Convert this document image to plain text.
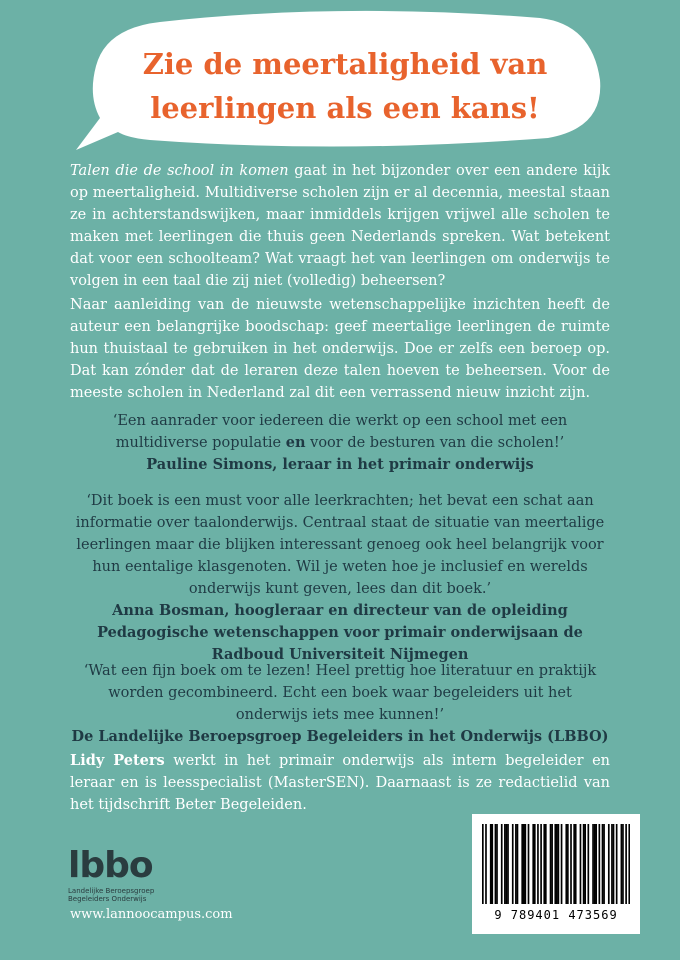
Zie de meertaligheid van
leerlingen als een kans!

Talen die de school in komen gaat in het bijzonder over een andere kijk op meertaligheid. Multidiverse scholen zijn er al decennia, meestal staan ze in achterstandswijken, maar inmiddels krijgen vrijwel alle scholen te maken met leerlingen die thuis geen Nederlands spreken. Wat betekent dat voor een schoolteam? Wat vraagt het van leerlingen om onderwijs te volgen in een taal die zij niet (volledig) beheersen?

Naar aanleiding van de nieuwste wetenschappelijke inzichten heeft de auteur een belangrijke boodschap: geef meertalige leerlingen de ruimte hun thuistaal te gebruiken in het onderwijs. Doe er zelfs een beroep op. Dat kan zónder dat de leraren deze talen hoeven te beheersen. Voor de meeste scholen in Nederland zal dit een verrassend nieuw inzicht zijn.

‘Een aanrader voor iedereen die werkt op een school met een multidiverse populatie en voor de besturen van die scholen!’
Pauline Simons, leraar in het primair onderwijs

‘Dit boek is een must voor alle leerkrachten; het bevat een schat aan informatie over taalonderwijs. Centraal staat de situatie van meertalige leerlingen maar die blijken interessant genoeg ook heel belangrijk voor hun eentalige klasgenoten. Wil je weten hoe je inclusief en werelds onderwijs kunt geven, lees dan dit boek.’
Anna Bosman, hoogleraar en directeur van de opleiding Pedagogische wetenschappen voor primair onderwijsaan de Radboud Universiteit Nijmegen

‘Wat een fijn boek om te lezen! Heel prettig hoe literatuur en praktijk worden gecombineerd. Echt een boek waar begeleiders uit het onderwijs iets mee kunnen!’
De Landelijke Beroepsgroep Begeleiders in het Onderwijs (LBBO)

Lidy Peters werkt in het primair onderwijs als intern begeleider en leraar en is leesspecialist (MasterSEN). Daarnaast is ze redactielid van het tijdschrift Beter Begeleiden.

lbbo
Landelijke Beroepsgroep
Begeleiders Onderwijs
www.lannoocampus.com	9 789401 473569
